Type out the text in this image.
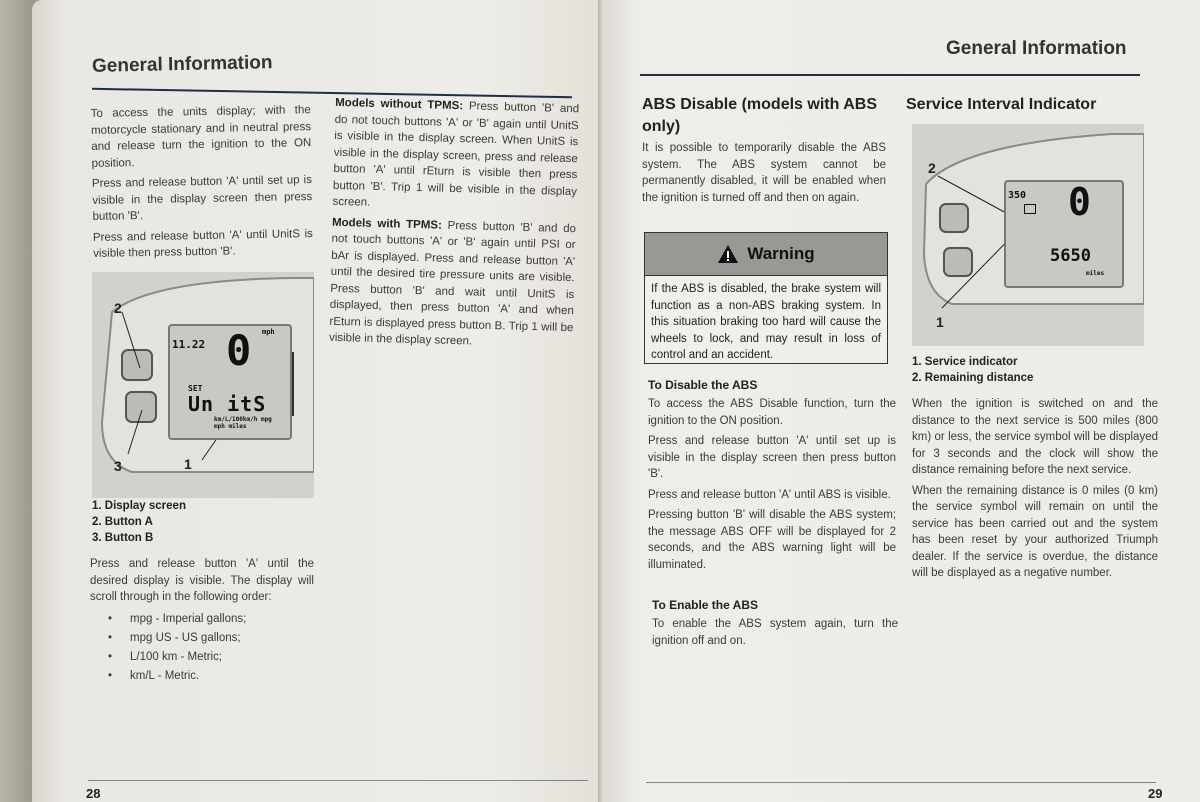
General Information

To access the units display; with the motorcycle stationary and in neutral press and release turn the ignition to the ON position.

Press and release button 'A' until set up is visible in the display screen then press button 'B'.

Press and release button 'A' until UnitS is visible then press button 'B'.

Models without TPMS: Press button 'B' and do not touch buttons 'A' or 'B' again until UnitS is visible in the display screen. When UnitS is visible in the display screen, press and release button 'A' until rEturn is visible then press button 'B'. Trip 1 will be visible in the display screen.

Models with TPMS: Press button 'B' and do not touch buttons 'A' or 'B' again until PSI or bAr is displayed. Press and release button 'A' until the desired tire pressure units are visible. Press button 'B' and wait until UnitS is displayed, then press button 'A' and when rEturn is displayed press button B. Trip 1 will be visible in the display screen.

11.22 0 mph
SET
Un itS
km/L/100km/h mpg mph miles
2
3	1
1. Display screen
2. Button A
3. Button B

Press and release button 'A' until the desired display is visible. The display will scroll through in the following order:

• mpg - Imperial gallons;
• mpg US - US gallons;
• L/100 km - Metric;
• km/L - Metric.
28
General Information
ABS Disable (models with ABS only)

It is possible to temporarily disable the ABS system. The ABS system cannot be permanently disabled, it will be enabled when the ignition is turned off and then on again.

Warning
If the ABS is disabled, the brake system will function as a non-ABS braking system. In this situation braking too hard will cause the wheels to lock, and may result in loss of control and an accident.
To Disable the ABS

To access the ABS Disable function, turn the ignition to the ON position.

Press and release button 'A' until set up is visible in the display screen then press button 'B'.

Press and release button 'A' until ABS is visible.

Pressing button 'B' will disable the ABS system; the message ABS OFF will be displayed for 2 seconds, and the ABS warning light will be illuminated.

To Enable the ABS

To enable the ABS system again, turn the ignition off and on.

Service Interval Indicator
350 0
5650
miles
2
1
1. Service indicator
2. Remaining distance

When the ignition is switched on and the distance to the next service is 500 miles (800 km) or less, the service symbol will be displayed for 3 seconds and the clock will show the distance remaining before the next service.

When the remaining distance is 0 miles (0 km) the service symbol will remain on until the service has been carried out and the system has been reset by your authorized Triumph dealer. If the service is overdue, the distance will be displayed as a negative number.

29
